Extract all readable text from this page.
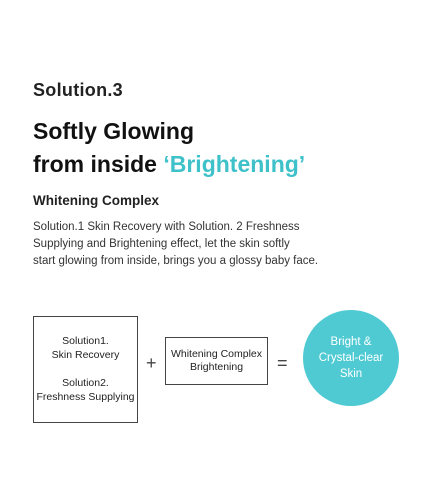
Solution.3
Softly Glowing
from inside ‘Brightening’
Whitening Complex
Solution.1 Skin Recovery with Solution. 2 Freshness
Supplying and Brightening effect, let the skin softly
start glowing from inside, brings you a glossy baby face.
Solution1.
Skin Recovery
Solution2.
Freshness Supplying
+ Whitening Complex
Brightening =
Bright &
Crystal-clear
Skin
